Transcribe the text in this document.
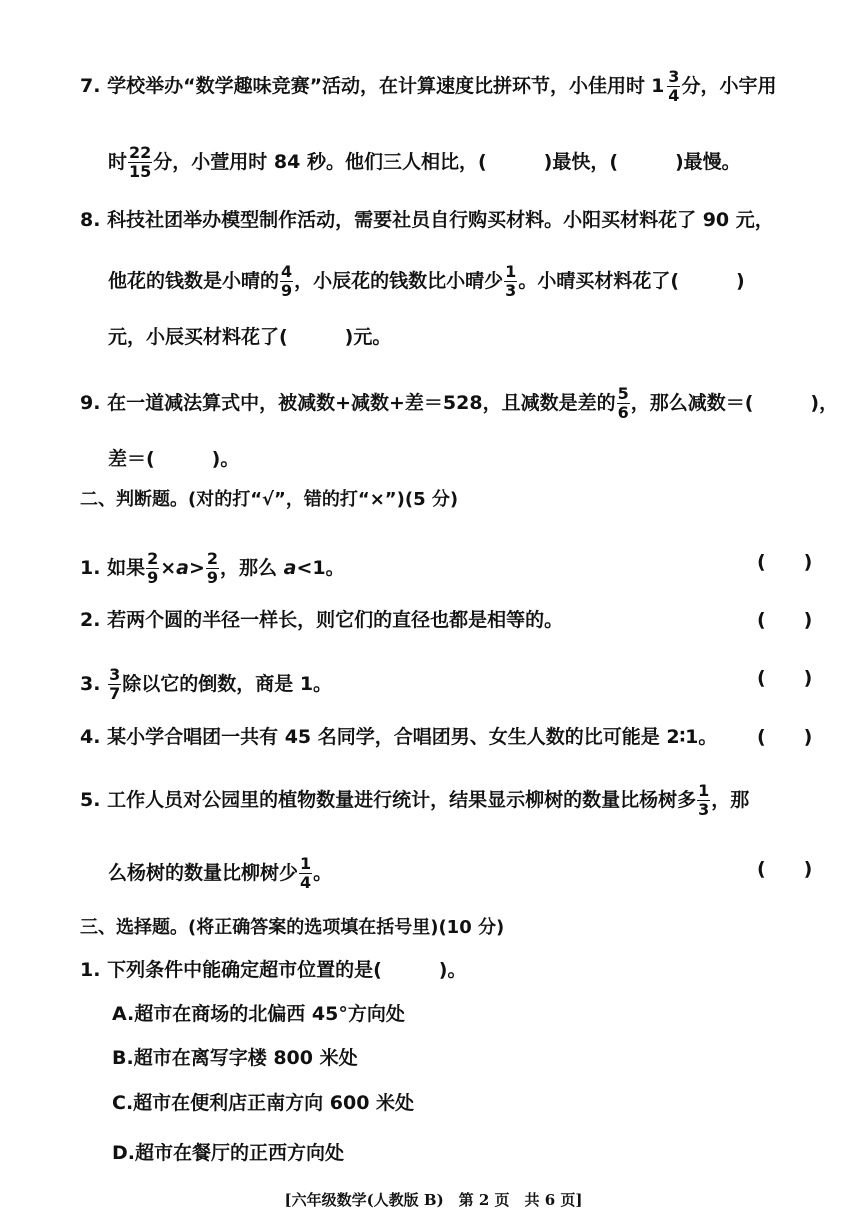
7. 学校举办“数学趣味竞赛”活动，在计算速度比拼环节，小佳用时 $1 \frac{3}{4}$ 分，小宇用
时 $\frac{22}{15}$ 分，小萱用时 84 秒。他们三人相比，(　　　)最快，(　　　)最慢。
8. 科技社团举办模型制作活动，需要社员自行购买材料。小阳买材料花了 90 元，
他花的钱数是小晴的 $\frac{4}{9}$ ，小辰花的钱数比小晴少 $\frac{1}{3}$ 。小晴买材料花了(　　　)
元，小辰买材料花了(　　　)元。
9. 在一道减法算式中，被减数+减数+差＝528，且减数是差的 $\frac{5}{6}$ ，那么减数＝(　　　)，
差＝(　　　)。
二、判断题。(对的打“√”，错的打“×”)(5 分)
1. 如果 $\frac{2}{9} \times a> \frac{2}{9}$ ，那么 a<1。	(　　)
2. 若两个圆的半径一样长，则它们的直径也都是相等的。	(　　)
3. $\frac{3}{7}$ 除以它的倒数，商是 1。	(　　)
4. 某小学合唱团一共有 45 名同学，合唱团男、女生人数的比可能是 2∶1。 (　　)
5. 工作人员对公园里的植物数量进行统计，结果显示柳树的数量比杨树多 $\frac{1}{3}$ ，那
么杨树的数量比柳树少 $\frac{1}{4}$ 。	(　　)
三、选择题。(将正确答案的选项填在括号里)(10 分)
1. 下列条件中能确定超市位置的是(　　　)。
A.超市在商场的北偏西 45°方向处
B.超市在离写字楼 800 米处
C.超市在便利店正南方向 600 米处
D.超市在餐厅的正西方向处
[六年级数学(人教版 B)　第 2 页　共 6 页]
